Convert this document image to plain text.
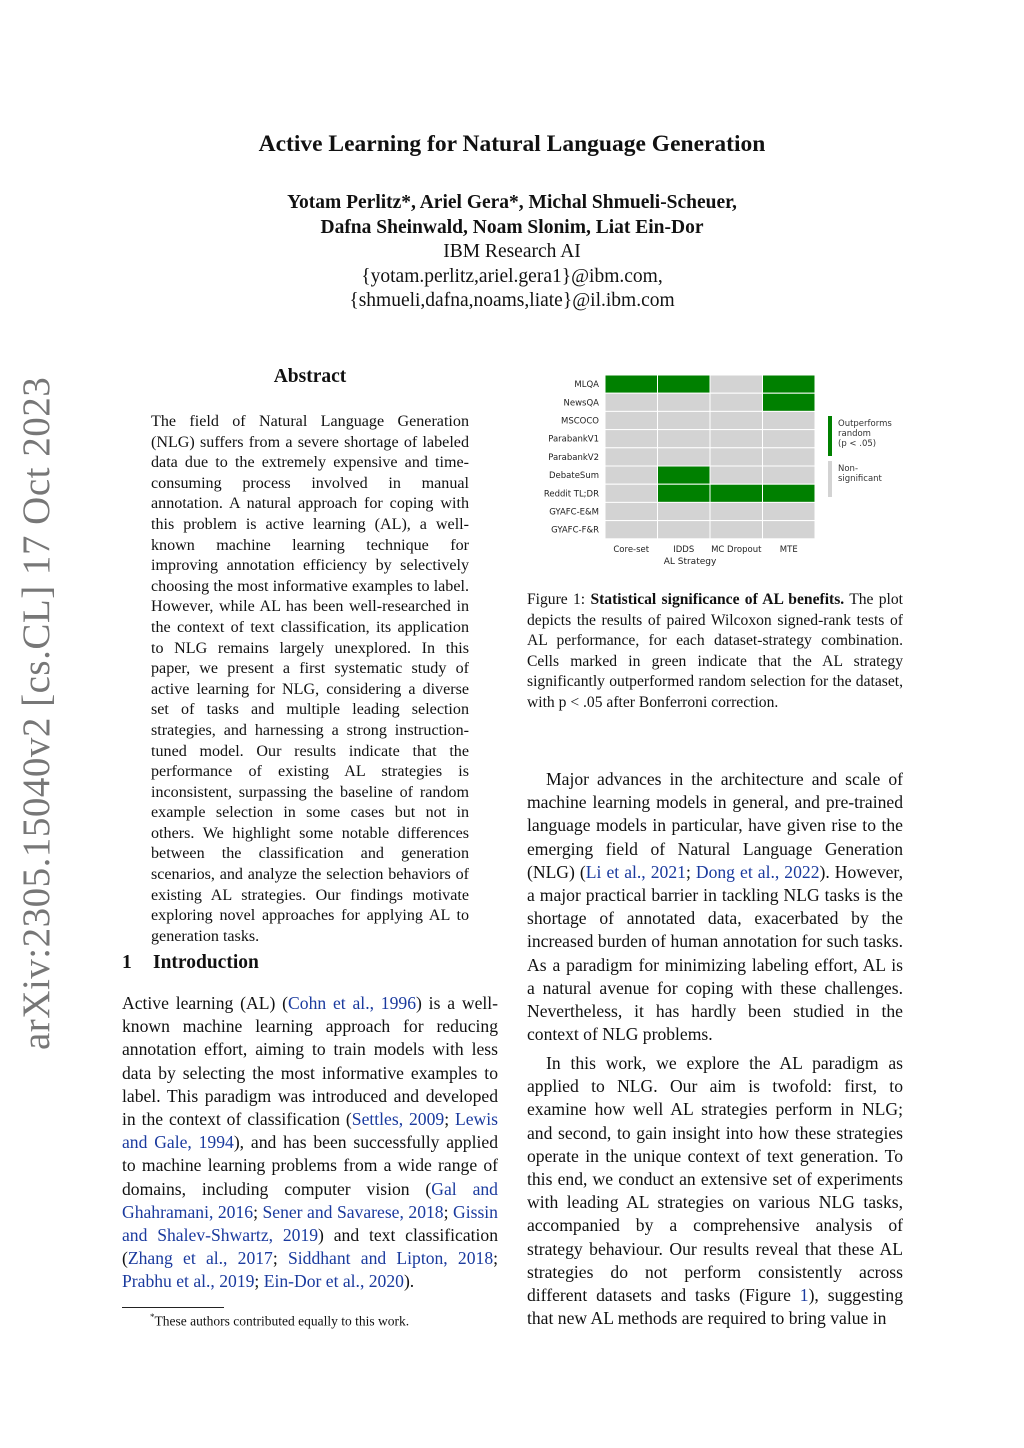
arXiv:2305.15040v2 [cs.CL] 17 Oct 2023
Active Learning for Natural Language Generation
Yotam Perlitz*, Ariel Gera*, Michal Shmueli-Scheuer,
Dafna Sheinwald, Noam Slonim, Liat Ein-Dor
IBM Research AI
{yotam.perlitz,ariel.gera1}@ibm.com,
{shmueli,dafna,noams,liate}@il.ibm.com
Abstract
The field of Natural Language Generation (NLG) suffers from a severe shortage of labeled data due to the extremely expensive and time-consuming process involved in manual annotation. A natural approach for coping with this problem is active learning (AL), a well-known machine learning technique for improving annotation efficiency by selectively choosing the most informative examples to label. However, while AL has been well-researched in the context of text classification, its application to NLG remains largely unexplored. In this paper, we present a first systematic study of active learning for NLG, considering a diverse set of tasks and multiple leading selection strategies, and harnessing a strong instruction-tuned model. Our results indicate that the performance of existing AL strategies is inconsistent, surpassing the baseline of random example selection in some cases but not in others. We highlight some notable differences between the classification and generation scenarios, and analyze the selection behaviors of existing AL strategies. Our findings motivate exploring novel approaches for applying AL to generation tasks.
1 Introduction
Active learning (AL) (Cohn et al., 1996) is a well-known machine learning approach for reducing annotation effort, aiming to train models with less data by selecting the most informative examples to label. This paradigm was introduced and developed in the context of classification (Settles, 2009; Lewis and Gale, 1994), and has been successfully applied to machine learning problems from a wide range of domains, including computer vision (Gal and Ghahramani, 2016; Sener and Savarese, 2018; Gissin and Shalev-Shwartz, 2019) and text classification (Zhang et al., 2017; Siddhant and Lipton, 2018; Prabhu et al., 2019; Ein-Dor et al., 2020).
*These authors contributed equally to this work.
MLQA
NewsQA
MSCOCO
ParabankV1
ParabankV2
DebateSum
Reddit TL;DR
GYAFC-E&M
GYAFC-F&R
Core-set	IDDS MC Dropout MTE
AL Strategy
Outperforms random (p < .05)
Non-significant
Figure 1: Statistical significance of AL benefits. The plot depicts the results of paired Wilcoxon signed-rank tests of AL performance, for each dataset-strategy combination. Cells marked in green indicate that the AL strategy significantly outperformed random selection for the dataset, with p < .05 after Bonferroni correction.
Major advances in the architecture and scale of machine learning models in general, and pre-trained language models in particular, have given rise to the emerging field of Natural Language Generation (NLG) (Li et al., 2021; Dong et al., 2022). However, a major practical barrier in tackling NLG tasks is the shortage of annotated data, exacerbated by the increased burden of human annotation for such tasks. As a paradigm for minimizing labeling effort, AL is a natural avenue for coping with these challenges. Nevertheless, it has hardly been studied in the context of NLG problems.
In this work, we explore the AL paradigm as applied to NLG. Our aim is twofold: first, to examine how well AL strategies perform in NLG; and second, to gain insight into how these strategies operate in the unique context of text generation. To this end, we conduct an extensive set of experiments with leading AL strategies on various NLG tasks, accompanied by a comprehensive analysis of strategy behaviour. Our results reveal that these AL strategies do not perform consistently across different datasets and tasks (Figure 1), suggesting that new AL methods are required to bring value in
